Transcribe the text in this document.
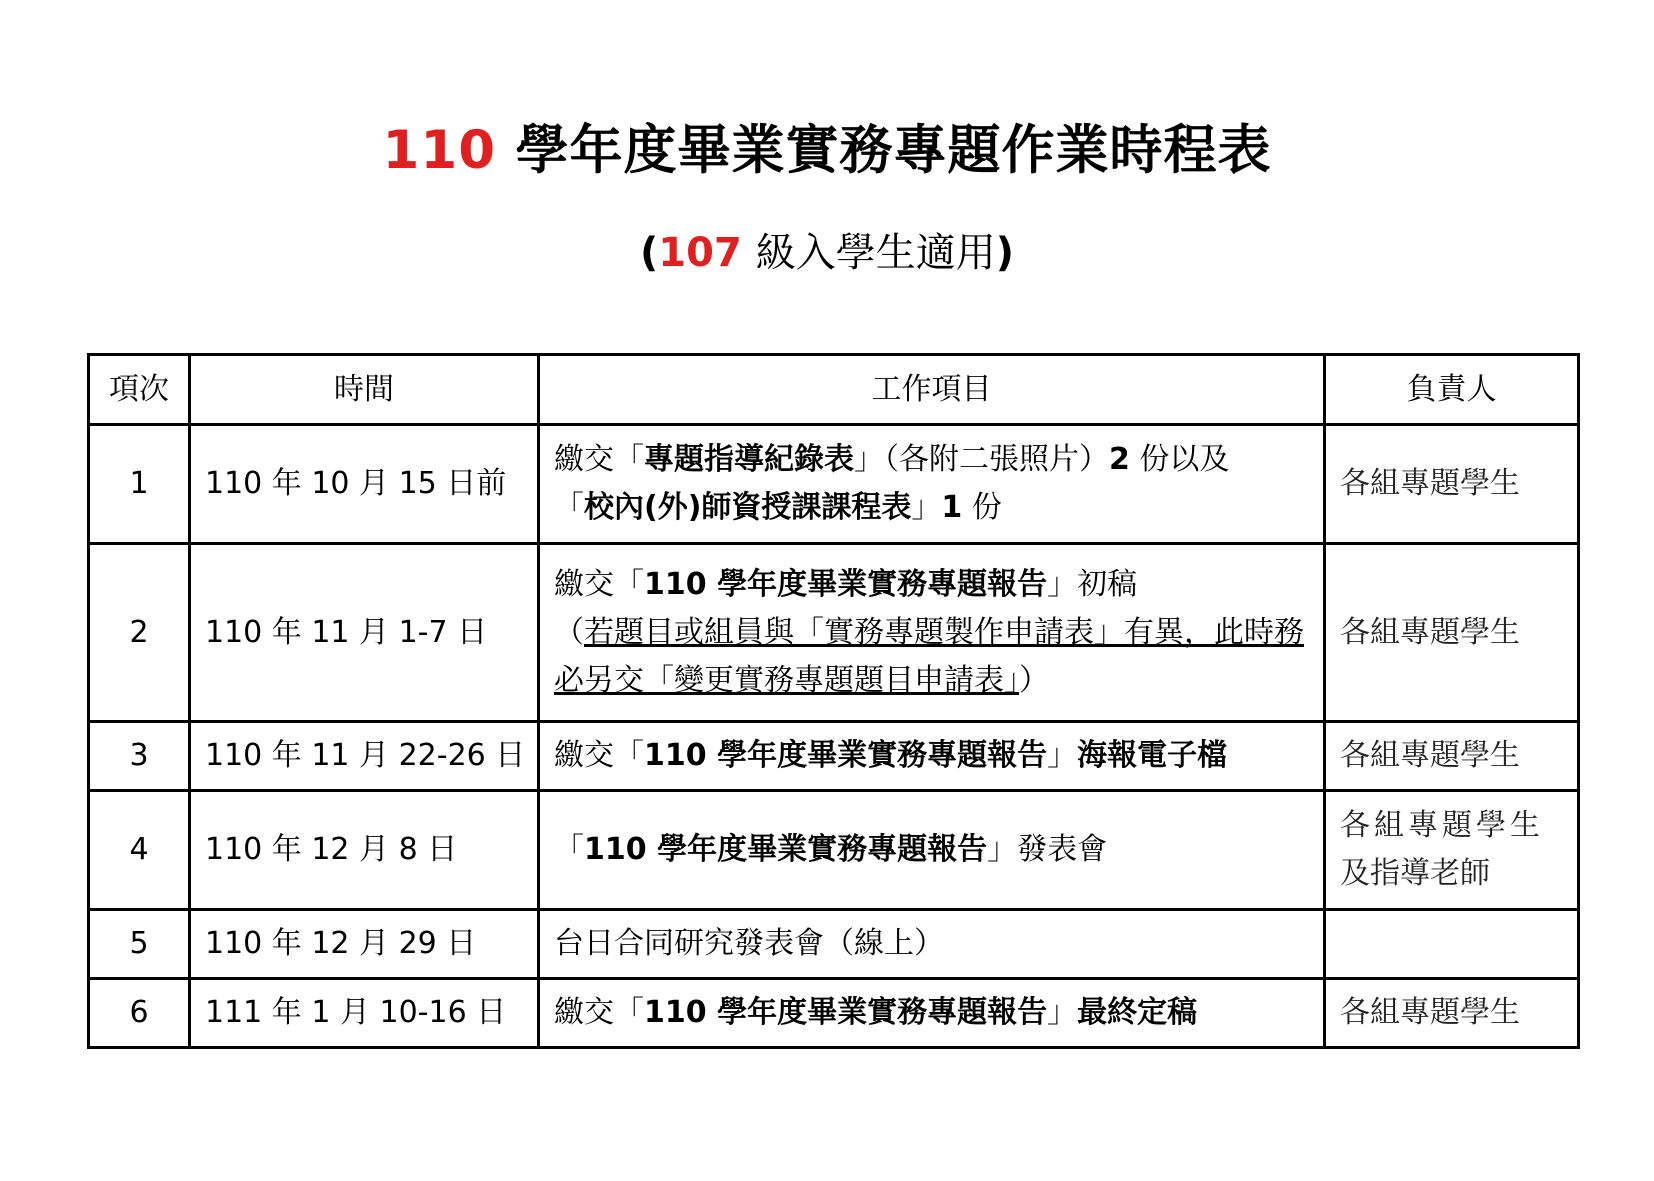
110 學年度畢業實務專題作業時程表
(107 級入學生適用)
項次	時間	工作項目	負責人
1	110 年 10 月 15 日前	繳交「專題指導紀錄表」（各附二張照片）2 份以及
「校內(外)師資授課課程表」1 份	各組專題學生
2	110 年 11 月 1-7 日	繳交「110 學年度畢業實務專題報告」初稿
（若題目或組員與「實務專題製作申請表」有異，此時務必另交「變更實務專題題目申請表」）	各組專題學生
3	110 年 11 月 22-26 日	繳交「110 學年度畢業實務專題報告」海報電子檔	各組專題學生
4	110 年 12 月 8 日	「110 學年度畢業實務專題報告」發表會	各組專題學生
及指導老師

5	110 年 12 月 29 日	台日合同研究發表會（線上）	
6	111 年 1 月 10-16 日	繳交「110 學年度畢業實務專題報告」最終定稿	各組專題學生
